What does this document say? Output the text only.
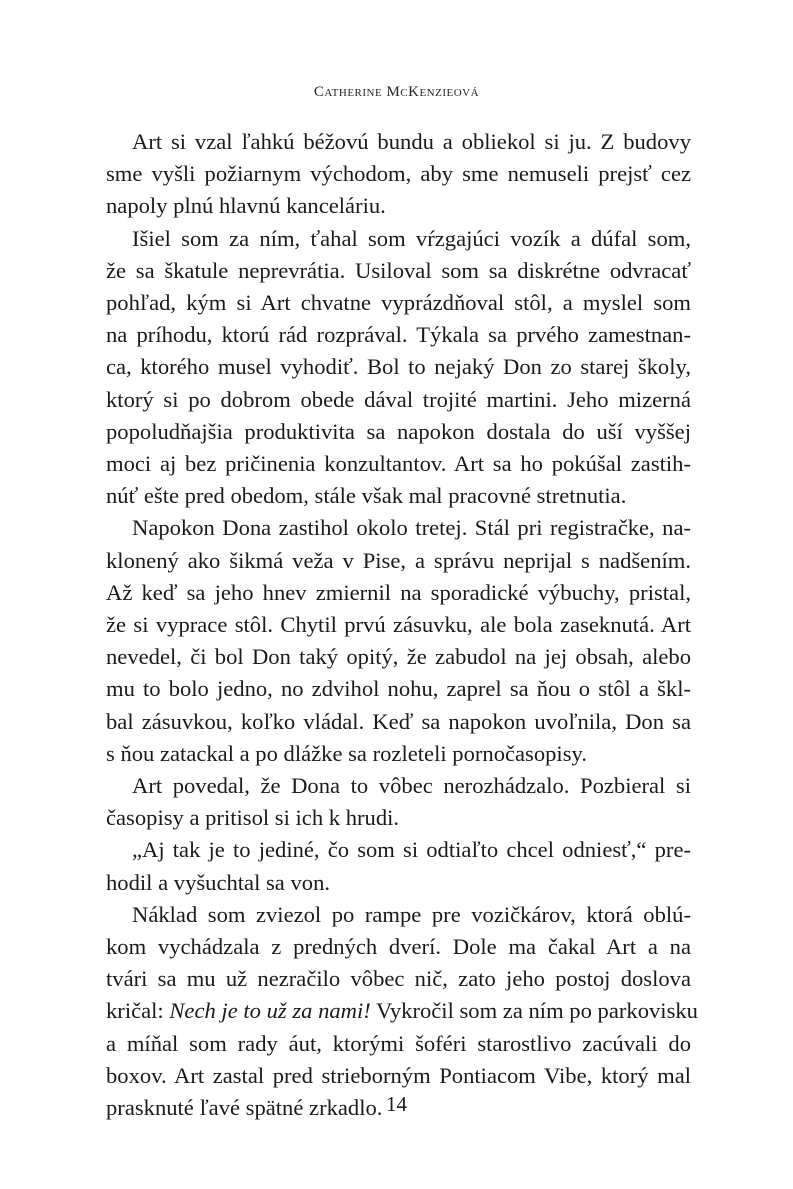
Catherine McKenzieová

Art si vzal ľahkú béžovú bundu a obliekol si ju. Z budovy
sme vyšli požiarnym východom, aby sme nemuseli prejsť cez
napoly plnú hlavnú kanceláriu.

Išiel som za ním, ťahal som vŕzgajúci vozík a dúfal som,
že sa škatule neprevrátia. Usiloval som sa diskrétne odvracať
pohľad, kým si Art chvatne vyprázdňoval stôl, a myslel som
na príhodu, ktorú rád rozprával. Týkala sa prvého zamestnan-
ca, ktorého musel vyhodiť. Bol to nejaký Don zo starej školy,
ktorý si po dobrom obede dával trojité martini. Jeho mizerná
popoludňajšia produktivita sa napokon dostala do uší vyššej
moci aj bez pričinenia konzultantov. Art sa ho pokúšal zastih-
núť ešte pred obedom, stále však mal pracovné stretnutia.

Napokon Dona zastihol okolo tretej. Stál pri registračke, na-
klonený ako šikmá veža v Pise, a správu neprijal s nadšením.
Až keď sa jeho hnev zmiernil na sporadické výbuchy, pristal,
že si vyprace stôl. Chytil prvú zásuvku, ale bola zaseknutá. Art
nevedel, či bol Don taký opitý, že zabudol na jej obsah, alebo
mu to bolo jedno, no zdvihol nohu, zaprel sa ňou o stôl a škl-
bal zásuvkou, koľko vládal. Keď sa napokon uvoľnila, Don sa
s ňou zatackal a po dlážke sa rozleteli pornočasopisy.

Art povedal, že Dona to vôbec nerozhádzalo. Pozbieral si
časopisy a pritisol si ich k hrudi.

„Aj tak je to jediné, čo som si odtiaľto chcel odniesť,“ pre-
hodil a vyšuchtal sa von.

Náklad som zviezol po rampe pre vozičkárov, ktorá oblú-
kom vychádzala z predných dverí. Dole ma čakal Art a na
tvári sa mu už nezračilo vôbec nič, zato jeho postoj doslova
kričal: Nech je to už za nami! Vykročil som za ním po parkovisku
a míňal som rady áut, ktorými šoféri starostlivo zacúvali do
boxov. Art zastal pred strieborným Pontiacom Vibe, ktorý mal
prasknuté ľavé spätné zrkadlo. 14
